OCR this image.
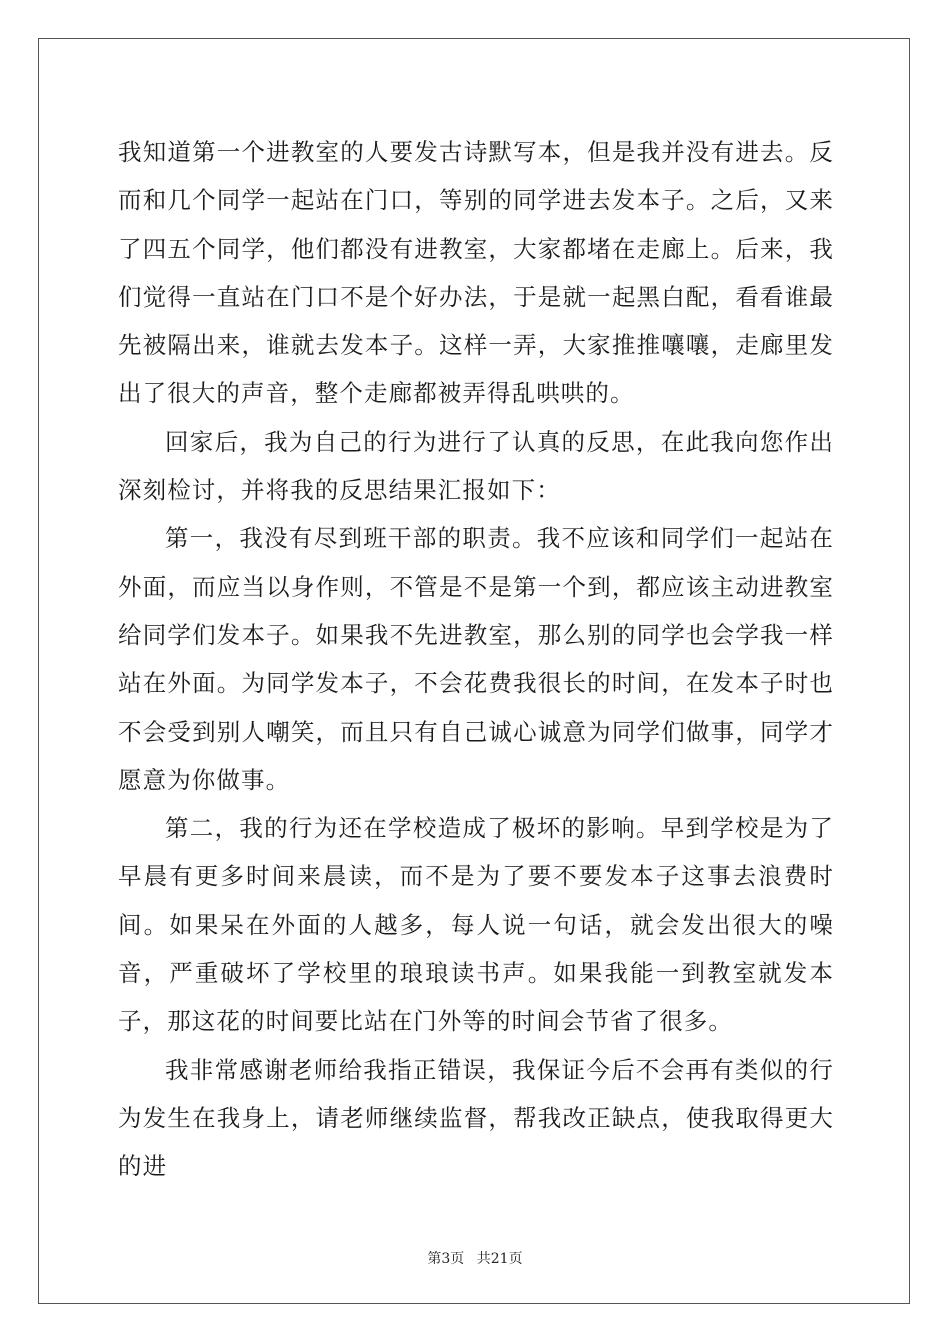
我知道第一个进教室的人要发古诗默写本，但是我并没有进去。反而和几个同学一起站在门口，等别的同学进去发本子。之后，又来了四五个同学，他们都没有进教室，大家都堵在走廊上。后来，我们觉得一直站在门口不是个好办法，于是就一起黑白配，看看谁最先被隔出来，谁就去发本子。这样一弄，大家推推嚷嚷，走廊里发出了很大的声音，整个走廊都被弄得乱哄哄的。

回家后，我为自己的行为进行了认真的反思，在此我向您作出深刻检讨，并将我的反思结果汇报如下：

第一，我没有尽到班干部的职责。我不应该和同学们一起站在外面，而应当以身作则，不管是不是第一个到，都应该主动进教室给同学们发本子。如果我不先进教室，那么别的同学也会学我一样站在外面。为同学发本子，不会花费我很长的时间，在发本子时也不会受到别人嘲笑，而且只有自己诚心诚意为同学们做事，同学才愿意为你做事。

第二，我的行为还在学校造成了极坏的影响。早到学校是为了早晨有更多时间来晨读，而不是为了要不要发本子这事去浪费时间。如果呆在外面的人越多，每人说一句话，就会发出很大的噪音，严重破坏了学校里的琅琅读书声。如果我能一到教室就发本子，那这花的时间要比站在门外等的时间会节省了很多。

我非常感谢老师给我指正错误，我保证今后不会再有类似的行为发生在我身上，请老师继续监督，帮我改正缺点，使我取得更大的进

第3页 共21页
